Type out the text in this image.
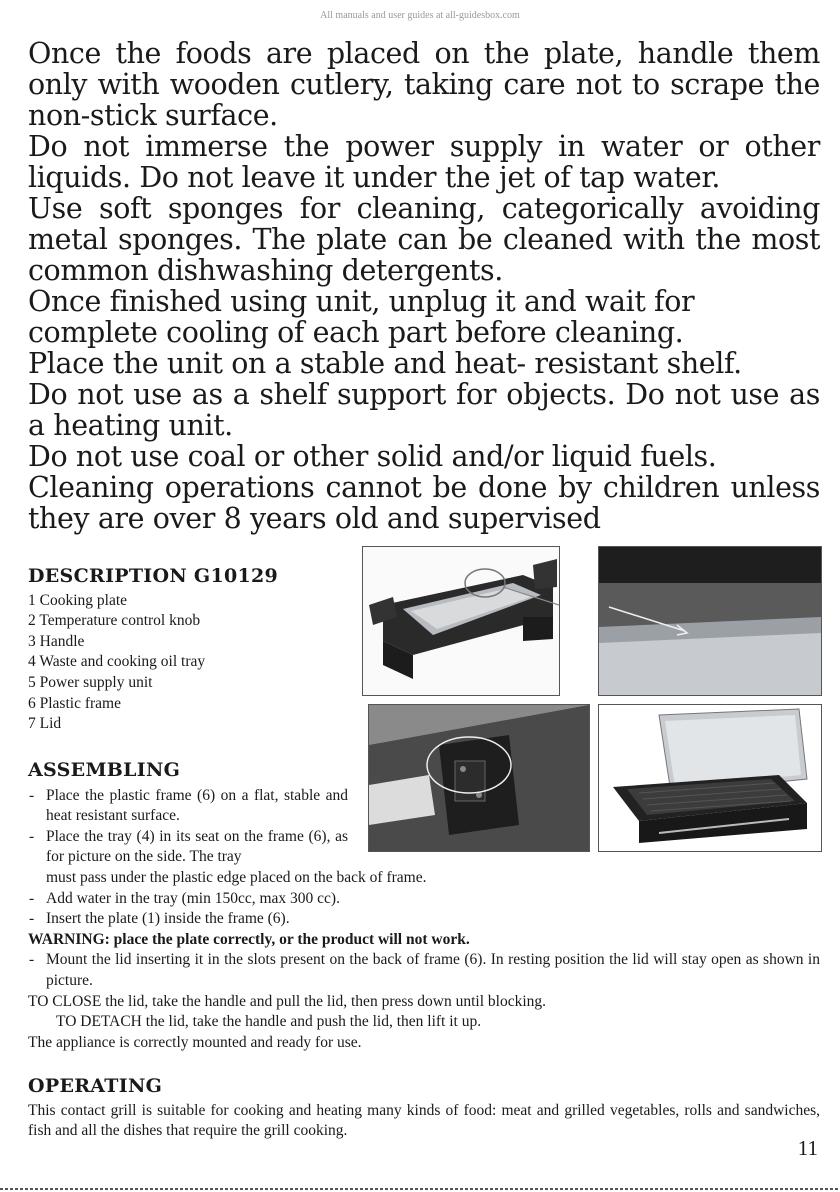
All manuals and user guides at all-guidesbox.com

Once the foods are placed on the plate, handle them only with wooden cutlery, taking care not to scrape the non-stick surface.

Do not immerse the power supply in water or other liquids. Do not leave it under the jet of tap water.

Use soft sponges for cleaning, categorically avoiding metal sponges. The plate can be cleaned with the most common dishwashing detergents.

Once finished using unit, unplug it and wait for complete cooling of each part before cleaning.

Place the unit on a stable and heat- resistant shelf.

Do not use as a shelf support for objects. Do not use as a heating unit.

Do not use coal or other solid and/or liquid fuels.

Cleaning operations cannot be done by children unless they are over 8 years old and supervised

DESCRIPTION G10129
1 Cooking plate
2 Temperature control knob
3 Handle
4 Waste and cooking oil tray
5 Power supply unit
6 Plastic frame
7 Lid
ASSEMBLING
- Place the plastic frame (6) on a flat, stable and heat resistant surface.
- Place the tray (4) in its seat on the frame (6), as for picture on the side. The tray
must pass under the plastic edge placed on the back of frame.
- Add water in the tray (min 150cc, max 300 cc).
- Insert the plate (1) inside the frame (6).
WARNING: place the plate correctly, or the product will not work.
- Mount the lid inserting it in the slots present on the back of frame (6). In resting position the lid will stay open as shown in picture.
TO CLOSE the lid, take the handle and pull the lid, then press down until blocking.
TO DETACH the lid, take the handle and push the lid, then lift it up.
The appliance is correctly mounted and ready for use.
OPERATING
This contact grill is suitable for cooking and heating many kinds of food: meat and grilled vegetables, rolls and sandwiches, fish and all the dishes that require the grill cooking.
11
